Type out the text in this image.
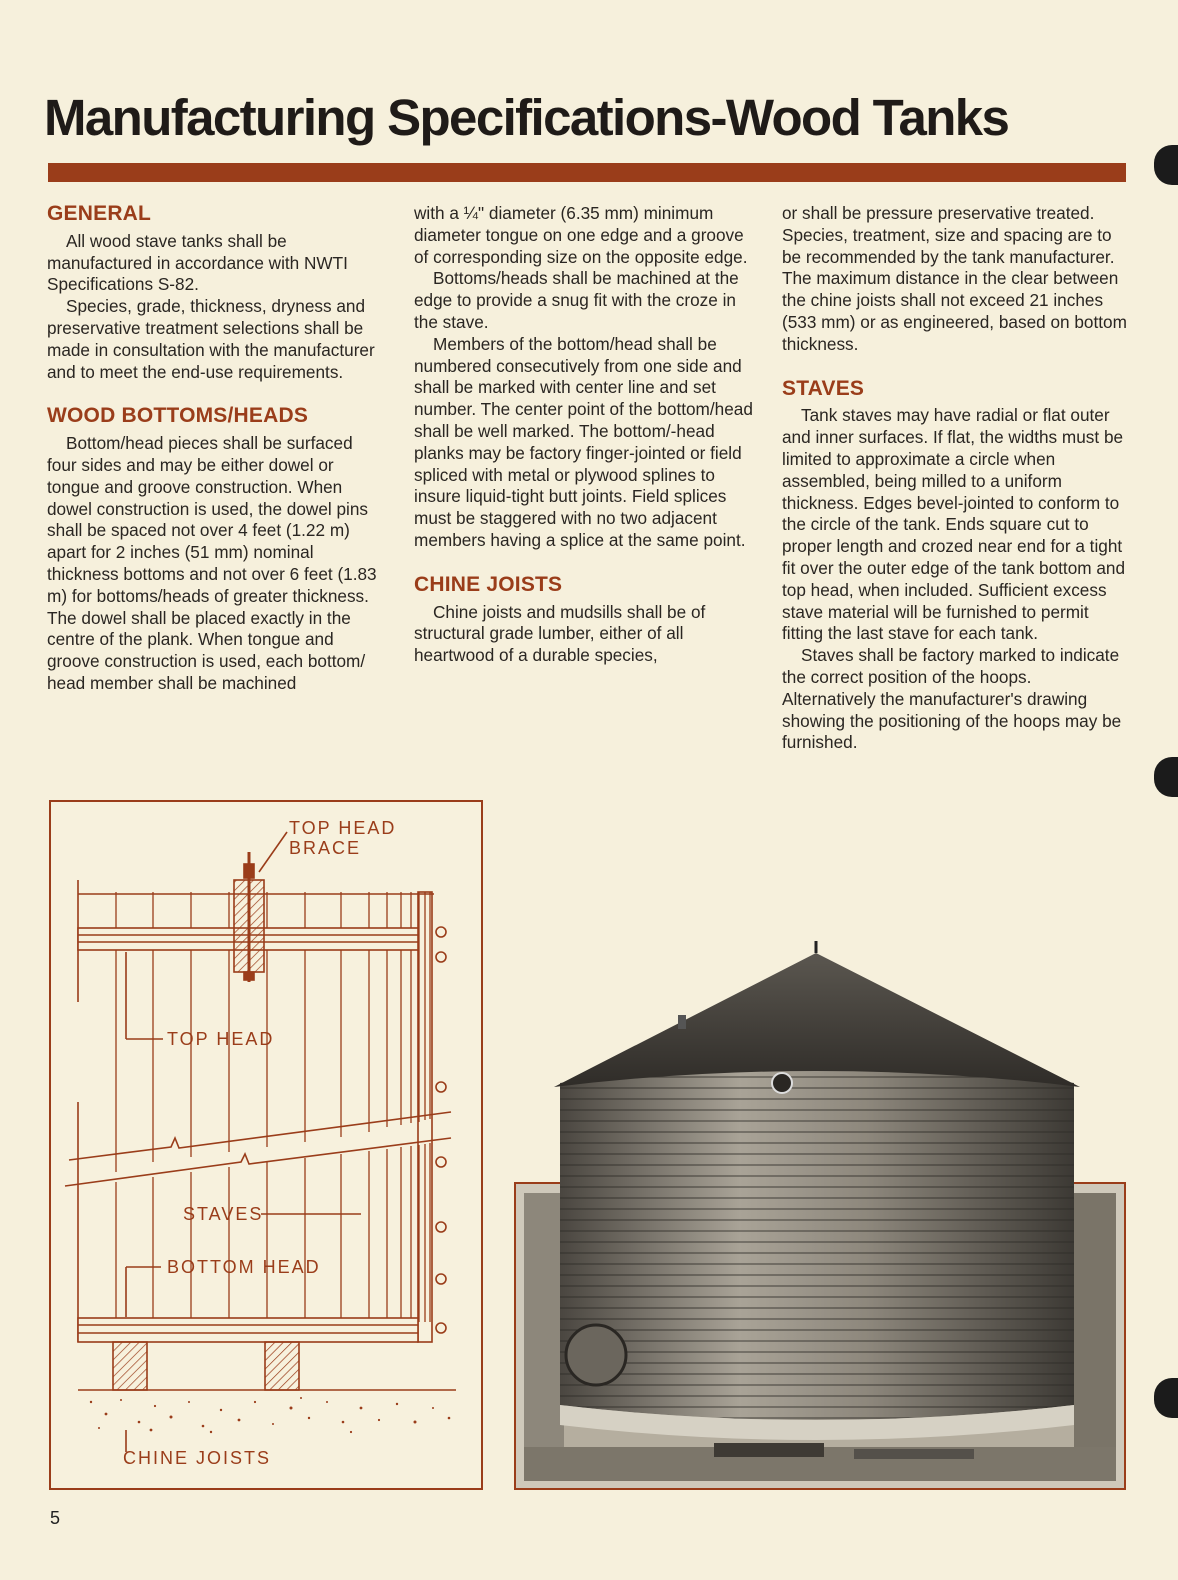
Manufacturing Specifications-Wood Tanks
GENERAL

All wood stave tanks shall be manufactured in accordance with NWTI Specifications S-82.

Species, grade, thickness, dryness and preservative treatment selections shall be made in consultation with the manufacturer and to meet the end-use requirements.

WOOD BOTTOMS/HEADS

Bottom/head pieces shall be surfaced four sides and may be either dowel or tongue and groove construction. When dowel construction is used, the dowel pins shall be spaced not over 4 feet (1.22 m) apart for 2 inches (51 mm) nominal thickness bottoms and not over 6 feet (1.83 m) for bottoms/heads of greater thickness. The dowel shall be placed exactly in the centre of the plank. When tongue and groove construction is used, each bottom/ head member shall be machined

with a ¼" diameter (6.35 mm) minimum diameter tongue on one edge and a groove of corresponding size on the opposite edge.

Bottoms/heads shall be machined at the edge to provide a snug fit with the croze in the stave.

Members of the bottom/head shall be numbered consecutively from one side and shall be marked with center line and set number. The center point of the bottom/head shall be well marked. The bottom/-head planks may be factory finger-jointed or field spliced with metal or plywood splines to insure liquid-tight butt joints. Field splices must be staggered with no two adjacent members having a splice at the same point.

CHINE JOISTS

Chine joists and mudsills shall be of structural grade lumber, either of all heartwood of a durable species,

or shall be pressure preservative treated. Species, treatment, size and spacing are to be recommended by the tank manufacturer. The maximum distance in the clear between the chine joists shall not exceed 21 inches (533 mm) or as engineered, based on bottom thickness.

STAVES

Tank staves may have radial or flat outer and inner surfaces. If flat, the widths must be limited to approximate a circle when assembled, being milled to a uniform thickness. Edges bevel-jointed to conform to the circle of the tank. Ends square cut to proper length and crozed near end for a tight fit over the outer edge of the tank bottom and top head, when included. Sufficient excess stave material will be furnished to permit fitting the last stave for each tank.

Staves shall be factory marked to indicate the correct position of the hoops. Alternatively the manufacturer's drawing showing the positioning of the hoops may be furnished.

TOP HEAD
BRACE
TOP HEAD
STAVES
BOTTOM HEAD
CHINE JOISTS
5
